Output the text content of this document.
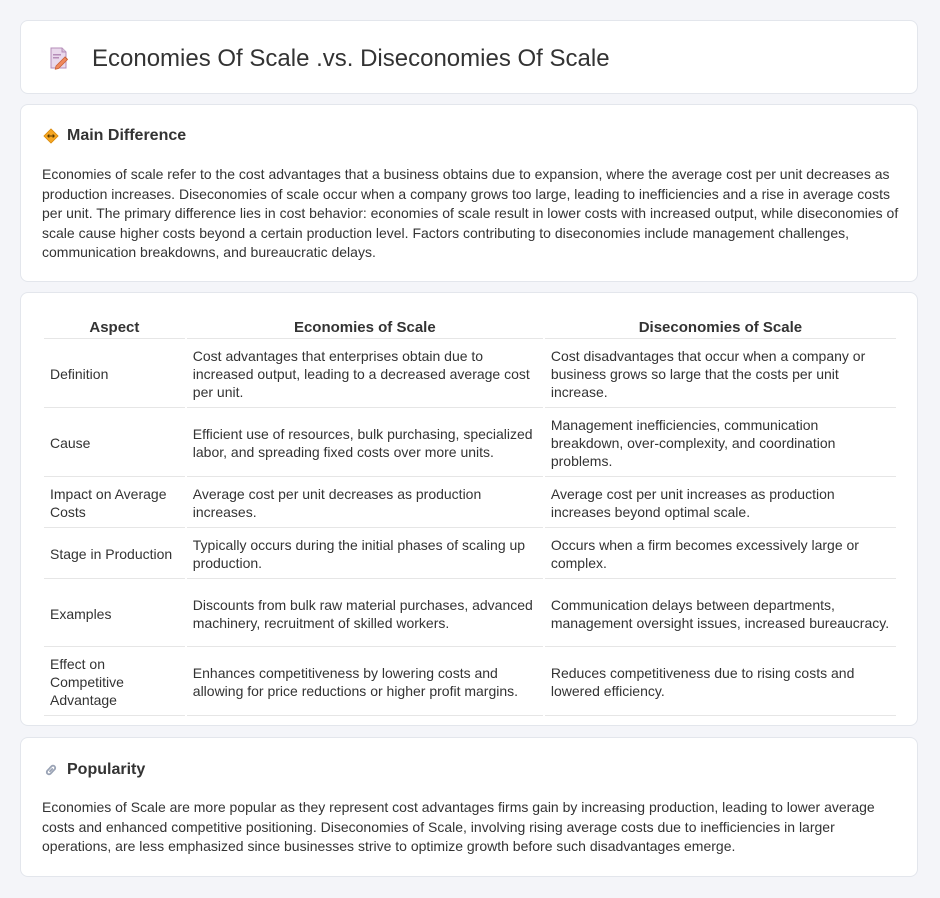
Economies Of Scale .vs. Diseconomies Of Scale
Main Difference

Economies of scale refer to the cost advantages that a business obtains due to expansion, where the average cost per unit decreases as production increases. Diseconomies of scale occur when a company grows too large, leading to inefficiencies and a rise in average costs per unit. The primary difference lies in cost behavior: economies of scale result in lower costs with increased output, while diseconomies of scale cause higher costs beyond a certain production level. Factors contributing to diseconomies include management challenges, communication breakdowns, and bureaucratic delays.

Aspect	Economies of Scale	Diseconomies of Scale
Definition	Cost advantages that enterprises obtain due to increased output, leading to a decreased average cost per unit.	Cost disadvantages that occur when a company or business grows so large that the costs per unit increase.
Cause	Efficient use of resources, bulk purchasing, specialized labor, and spreading fixed costs over more units.	Management inefficiencies, communication breakdown, over-complexity, and coordination problems.
Impact on Average Costs	Average cost per unit decreases as production increases.	Average cost per unit increases as production increases beyond optimal scale.
Stage in Production	Typically occurs during the initial phases of scaling up production.	Occurs when a firm becomes excessively large or complex.
Examples	Discounts from bulk raw material purchases, advanced machinery, recruitment of skilled workers.	Communication delays between departments, management oversight issues, increased bureaucracy.
Effect on Competitive Advantage	Enhances competitiveness by lowering costs and allowing for price reductions or higher profit margins.	Reduces competitiveness due to rising costs and lowered efficiency.
Popularity

Economies of Scale are more popular as they represent cost advantages firms gain by increasing production, leading to lower average costs and enhanced competitive positioning. Diseconomies of Scale, involving rising average costs due to inefficiencies in larger operations, are less emphasized since businesses strive to optimize growth before such disadvantages emerge.
